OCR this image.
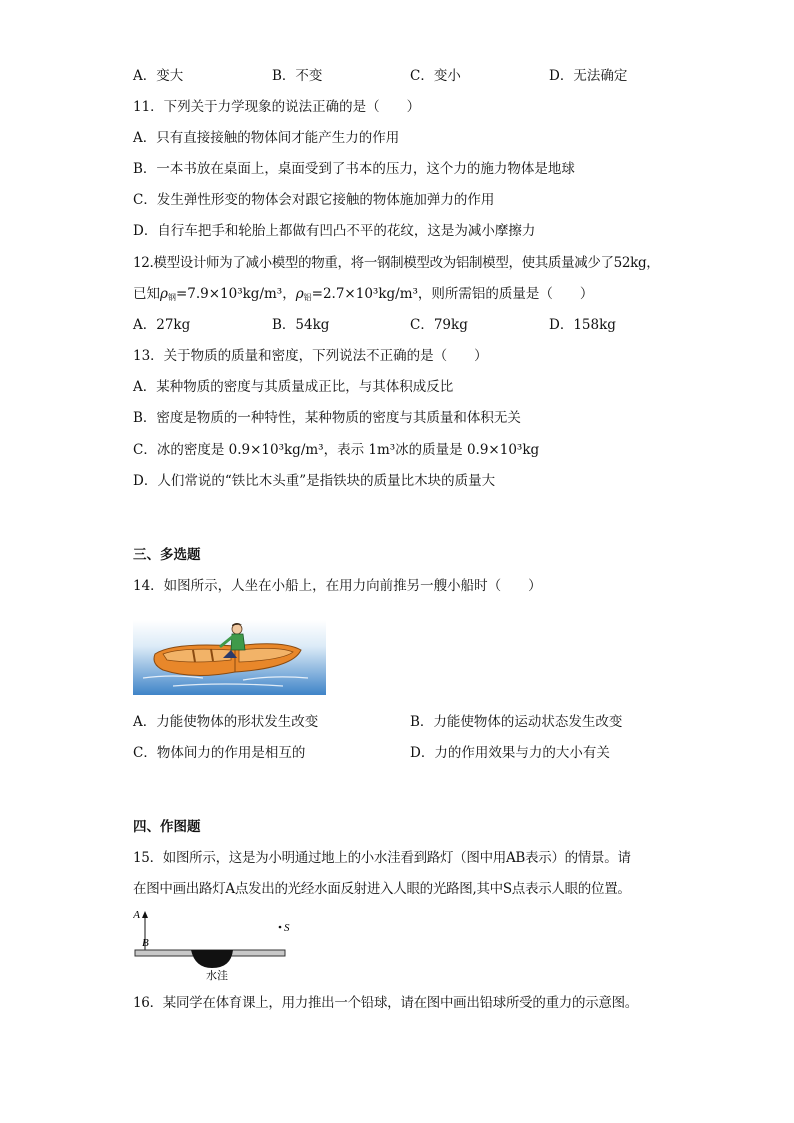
A．变大	B．不变	C．变小	D．无法确定
11．下列关于力学现象的说法正确的是（　　）
A．只有直接接触的物体间才能产生力的作用
B．一本书放在桌面上，桌面受到了书本的压力，这个力的施力物体是地球
C．发生弹性形变的物体会对跟它接触的物体施加弹力的作用
D．自行车把手和轮胎上都做有凹凸不平的花纹，这是为减小摩擦力
12.模型设计师为了减小模型的物重，将一钢制模型改为铝制模型，使其质量减少了52kg，
已知$\rho_钢=7.9\times 10^3kg/m^3$，$\rho_铝=2.7\times 10^3kg/m^3$，则所需铝的质量是（　　）
A．27kg	B．54kg	C．79kg	D．158kg
13．关于物质的质量和密度，下列说法不正确的是（　　）
A．某种物质的密度与其质量成正比，与其体积成反比
B．密度是物质的一种特性，某种物质的密度与其质量和体积无关
C．冰的密度是 0.9×10³kg/m³，表示 1m³冰的质量是 0.9×10³kg
D．人们常说的“铁比木头重”是指铁块的质量比木块的质量大
三、多选题
14．如图所示，人坐在小船上，在用力向前推另一艘小船时（　　）
A．力能使物体的形状发生改变	B．力能使物体的运动状态发生改变
C．物体间力的作用是相互的	D．力的作用效果与力的大小有关
四、作图题
15．如图所示，这是为小明通过地上的小水洼看到路灯（图中用AB表示）的情景。请
在图中画出路灯A点发出的光经水面反射进入人眼的光路图,其中S点表示人眼的位置。
A
B
S
水洼
16．某同学在体育课上，用力推出一个铅球，请在图中画出铅球所受的重力的示意图。
